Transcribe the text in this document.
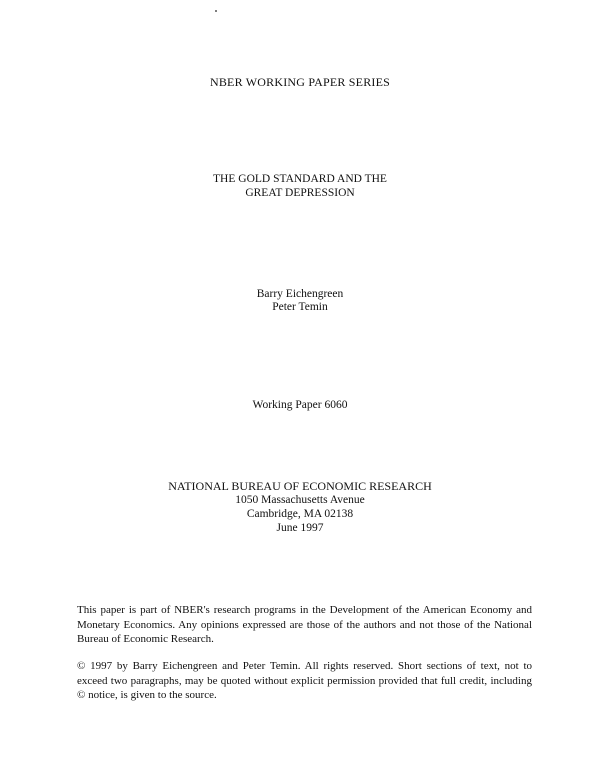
NBER WORKING PAPER SERIES
THE GOLD STANDARD AND THE
GREAT DEPRESSION
Barry Eichengreen
Peter Temin
Working Paper 6060
NATIONAL BUREAU OF ECONOMIC RESEARCH
1050 Massachusetts Avenue
Cambridge, MA 02138
June 1997
This paper is part of NBER's research programs in the Development of the American Economy and Monetary Economics. Any opinions expressed are those of the authors and not those of the National Bureau of Economic Research.
© 1997 by Barry Eichengreen and Peter Temin. All rights reserved. Short sections of text, not to exceed two paragraphs, may be quoted without explicit permission provided that full credit, including © notice, is given to the source.
